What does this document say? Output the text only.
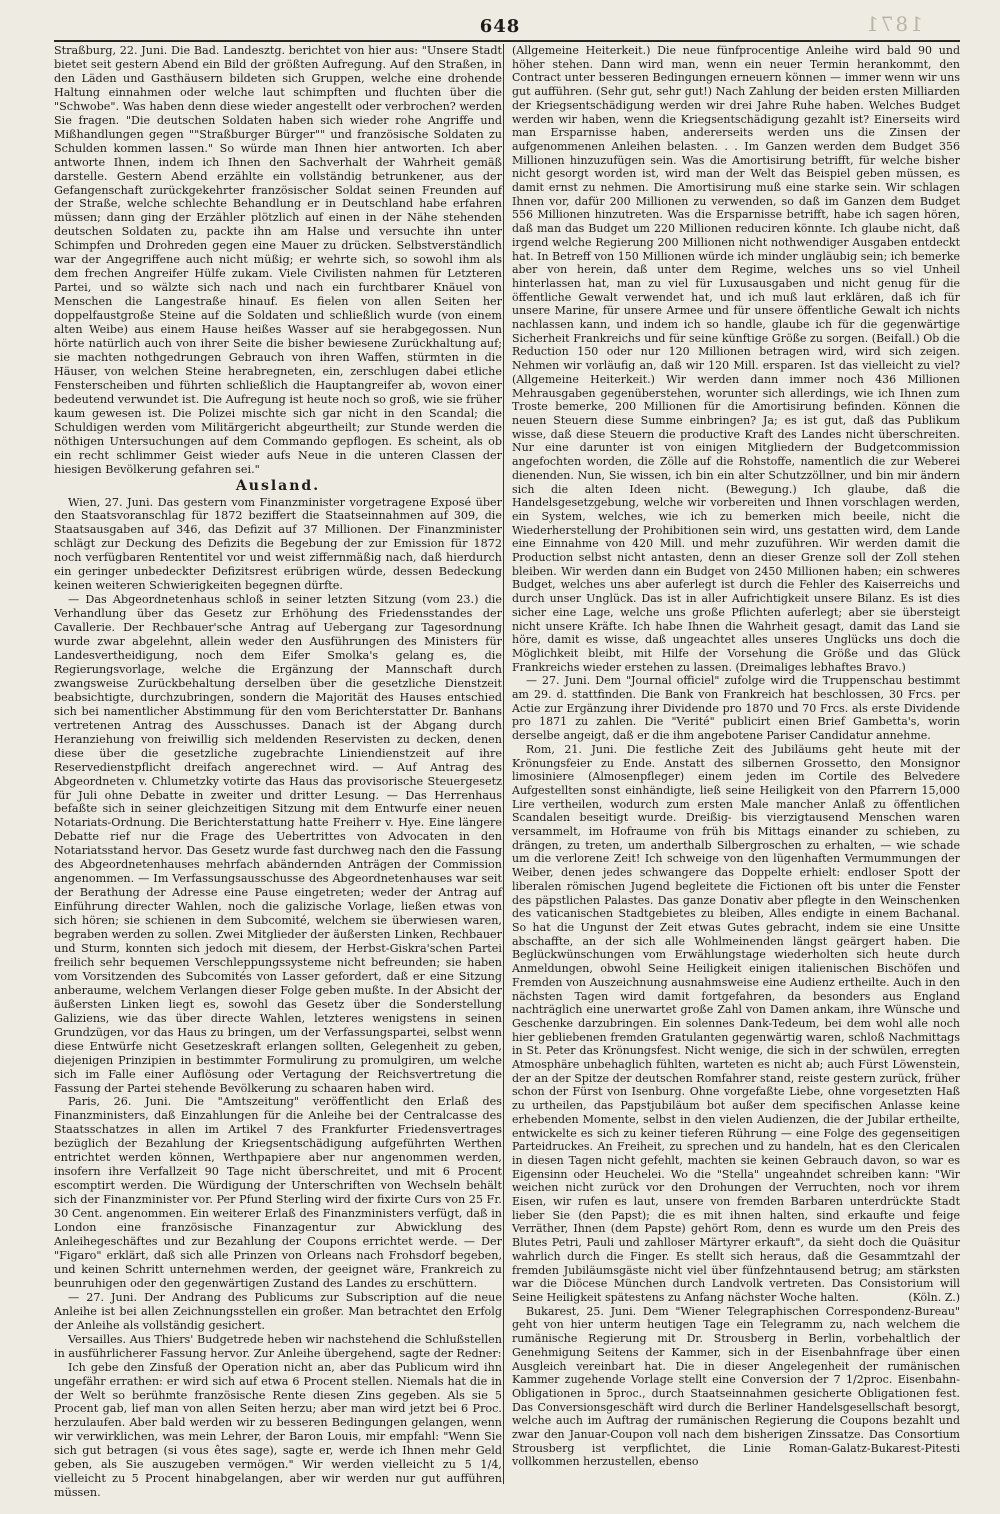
1871
648

Straßburg, 22. Juni. Die Bad. Landesztg. berichtet von hier aus: "Unsere Stadt bietet seit gestern Abend ein Bild der größten Aufregung. Auf den Straßen, in den Läden und Gasthäusern bildeten sich Gruppen, welche eine drohende Haltung einnahmen oder welche laut schimpften und fluchten über die "Schwobe". Was haben denn diese wieder angestellt oder verbrochen? werden Sie fragen. "Die deutschen Soldaten haben sich wieder rohe Angriffe und Mißhandlungen gegen ""Straßburger Bürger"" und französische Soldaten zu Schulden kommen lassen." So würde man Ihnen hier antworten. Ich aber antworte Ihnen, indem ich Ihnen den Sachverhalt der Wahrheit gemäß darstelle. Gestern Abend erzählte ein vollständig betrunkener, aus der Gefangenschaft zurückgekehrter französischer Soldat seinen Freunden auf der Straße, welche schlechte Behandlung er in Deutschland habe erfahren müssen; dann ging der Erzähler plötzlich auf einen in der Nähe stehenden deutschen Soldaten zu, packte ihn am Halse und versuchte ihn unter Schimpfen und Drohreden gegen eine Mauer zu drücken. Selbstverständlich war der Angegriffene auch nicht müßig; er wehrte sich, so sowohl ihm als dem frechen Angreifer Hülfe zukam. Viele Civilisten nahmen für Letzteren Partei, und so wälzte sich nach und nach ein furchtbarer Knäuel von Menschen die Langestraße hinauf. Es fielen von allen Seiten her doppelfaustgroße Steine auf die Soldaten und schließlich wurde (von einem alten Weibe) aus einem Hause heißes Wasser auf sie herabgegossen. Nun hörte natürlich auch von ihrer Seite die bisher bewiesene Zurückhaltung auf; sie machten nothgedrungen Gebrauch von ihren Waffen, stürmten in die Häuser, von welchen Steine herabregneten, ein, zerschlugen dabei etliche Fensterscheiben und führten schließlich die Hauptangreifer ab, wovon einer bedeutend verwundet ist. Die Aufregung ist heute noch so groß, wie sie früher kaum gewesen ist. Die Polizei mischte sich gar nicht in den Scandal; die Schuldigen werden vom Militärgericht abgeurtheilt; zur Stunde werden die nöthigen Untersuchungen auf dem Commando gepflogen. Es scheint, als ob ein recht schlimmer Geist wieder aufs Neue in die unteren Classen der hiesigen Bevölkerung gefahren sei."

Ausland.

Wien, 27. Juni. Das gestern vom Finanzminister vorgetragene Exposé über den Staatsvoranschlag für 1872 beziffert die Staatseinnahmen auf 309, die Staatsausgaben auf 346, das Defizit auf 37 Millionen. Der Finanzminister schlägt zur Deckung des Defizits die Begebung der zur Emission für 1872 noch verfügbaren Rententitel vor und weist ziffernmäßig nach, daß hierdurch ein geringer unbedeckter Defizitsrest erübrigen würde, dessen Bedeckung keinen weiteren Schwierigkeiten begegnen dürfte.

— Das Abgeordnetenhaus schloß in seiner letzten Sitzung (vom 23.) die Verhandlung über das Gesetz zur Erhöhung des Friedensstandes der Cavallerie. Der Rechbauer'sche Antrag auf Uebergang zur Tagesordnung wurde zwar abgelehnt, allein weder den Ausführungen des Ministers für Landesvertheidigung, noch dem Eifer Smolka's gelang es, die Regierungsvorlage, welche die Ergänzung der Mannschaft durch zwangsweise Zurückbehaltung derselben über die gesetzliche Dienstzeit beabsichtigte, durchzubringen, sondern die Majorität des Hauses entschied sich bei namentlicher Abstimmung für den vom Berichterstatter Dr. Banhans vertretenen Antrag des Ausschusses. Danach ist der Abgang durch Heranziehung von freiwillig sich meldenden Reservisten zu decken, denen diese über die gesetzliche zugebrachte Liniendienstzeit auf ihre Reservedienstpflicht dreifach angerechnet wird. — Auf Antrag des Abgeordneten v. Chlumetzky votirte das Haus das provisorische Steuergesetz für Juli ohne Debatte in zweiter und dritter Lesung. — Das Herrenhaus befaßte sich in seiner gleichzeitigen Sitzung mit dem Entwurfe einer neuen Notariats-Ordnung. Die Berichterstattung hatte Freiherr v. Hye. Eine längere Debatte rief nur die Frage des Uebertrittes von Advocaten in den Notariatsstand hervor. Das Gesetz wurde fast durchweg nach den die Fassung des Abgeordnetenhauses mehrfach abändernden Anträgen der Commission angenommen. — Im Verfassungsausschusse des Abgeordnetenhauses war seit der Berathung der Adresse eine Pause eingetreten; weder der Antrag auf Einführung directer Wahlen, noch die galizische Vorlage, ließen etwas von sich hören; sie schienen in dem Subcomité, welchem sie überwiesen waren, begraben werden zu sollen. Zwei Mitglieder der äußersten Linken, Rechbauer und Sturm, konnten sich jedoch mit diesem, der Herbst-Giskra'schen Partei freilich sehr bequemen Verschleppungssysteme nicht befreunden; sie haben vom Vorsitzenden des Subcomités von Lasser gefordert, daß er eine Sitzung anberaume, welchem Verlangen dieser Folge geben mußte. In der Absicht der äußersten Linken liegt es, sowohl das Gesetz über die Sonderstellung Galiziens, wie das über directe Wahlen, letzteres wenigstens in seinen Grundzügen, vor das Haus zu bringen, um der Verfassungspartei, selbst wenn diese Entwürfe nicht Gesetzeskraft erlangen sollten, Gelegenheit zu geben, diejenigen Prinzipien in bestimmter Formulirung zu promulgiren, um welche sich im Falle einer Auflösung oder Vertagung der Reichsvertretung die Fassung der Partei stehende Bevölkerung zu schaaren haben wird.

Paris, 26. Juni. Die "Amtszeitung" veröffentlicht den Erlaß des Finanzministers, daß Einzahlungen für die Anleihe bei der Centralcasse des Staatsschatzes in allen im Artikel 7 des Frankfurter Friedensvertrages bezüglich der Bezahlung der Kriegsentschädigung aufgeführten Werthen entrichtet werden können, Werthpapiere aber nur angenommen werden, insofern ihre Verfallzeit 90 Tage nicht überschreitet, und mit 6 Procent escomptirt werden. Die Würdigung der Unterschriften von Wechseln behält sich der Finanzminister vor. Per Pfund Sterling wird der fixirte Curs von 25 Fr. 30 Cent. angenommen. Ein weiterer Erlaß des Finanzministers verfügt, daß in London eine französische Finanzagentur zur Abwicklung des Anleihegeschäftes und zur Bezahlung der Coupons errichtet werde. — Der "Figaro" erklärt, daß sich alle Prinzen von Orleans nach Frohsdorf begeben, und keinen Schritt unternehmen werden, der geeignet wäre, Frankreich zu beunruhigen oder den gegenwärtigen Zustand des Landes zu erschüttern.

— 27. Juni. Der Andrang des Publicums zur Subscription auf die neue Anleihe ist bei allen Zeichnungsstellen ein großer. Man betrachtet den Erfolg der Anleihe als vollständig gesichert.

Versailles. Aus Thiers' Budgetrede heben wir nachstehend die Schlußstellen in ausführlicherer Fassung hervor. Zur Anleihe übergehend, sagte der Redner:

Ich gebe den Zinsfuß der Operation nicht an, aber das Publicum wird ihn ungefähr errathen: er wird sich auf etwa 6 Procent stellen. Niemals hat die in der Welt so berühmte französische Rente diesen Zins gegeben. Als sie 5 Procent gab, lief man von allen Seiten herzu; aber man wird jetzt bei 6 Proc. herzulaufen. Aber bald werden wir zu besseren Bedingungen gelangen, wenn wir verwirklichen, was mein Lehrer, der Baron Louis, mir empfahl: "Wenn Sie sich gut betragen (si vous êtes sage), sagte er, werde ich Ihnen mehr Geld geben, als Sie auszugeben vermögen." Wir werden vielleicht zu 5 1/4, vielleicht zu 5 Procent hinabgelangen, aber wir werden nur gut aufführen müssen.

(Allgemeine Heiterkeit.) Die neue fünfprocentige Anleihe wird bald 90 und höher stehen. Dann wird man, wenn ein neuer Termin herankommt, den Contract unter besseren Bedingungen erneuern können — immer wenn wir uns gut aufführen. (Sehr gut, sehr gut!) Nach Zahlung der beiden ersten Milliarden der Kriegsentschädigung werden wir drei Jahre Ruhe haben. Welches Budget werden wir haben, wenn die Kriegsentschädigung gezahlt ist? Einerseits wird man Ersparnisse haben, andererseits werden uns die Zinsen der aufgenommenen Anleihen belasten. . . Im Ganzen werden dem Budget 356 Millionen hinzuzufügen sein. Was die Amortisirung betrifft, für welche bisher nicht gesorgt worden ist, wird man der Welt das Beispiel geben müssen, es damit ernst zu nehmen. Die Amortisirung muß eine starke sein. Wir schlagen Ihnen vor, dafür 200 Millionen zu verwenden, so daß im Ganzen dem Budget 556 Millionen hinzutreten. Was die Ersparnisse betrifft, habe ich sagen hören, daß man das Budget um 220 Millionen reduciren könnte. Ich glaube nicht, daß irgend welche Regierung 200 Millionen nicht nothwendiger Ausgaben entdeckt hat. In Betreff von 150 Millionen würde ich minder ungläubig sein; ich bemerke aber von herein, daß unter dem Regime, welches uns so viel Unheil hinterlassen hat, man zu viel für Luxusausgaben und nicht genug für die öffentliche Gewalt verwendet hat, und ich muß laut erklären, daß ich für unsere Marine, für unsere Armee und für unsere öffentliche Gewalt ich nichts nachlassen kann, und indem ich so handle, glaube ich für die gegenwärtige Sicherheit Frankreichs und für seine künftige Größe zu sorgen. (Beifall.) Ob die Reduction 150 oder nur 120 Millionen betragen wird, wird sich zeigen. Nehmen wir vorläufig an, daß wir 120 Mill. ersparen. Ist das vielleicht zu viel? (Allgemeine Heiterkeit.) Wir werden dann immer noch 436 Millionen Mehrausgaben gegenüberstehen, worunter sich allerdings, wie ich Ihnen zum Troste bemerke, 200 Millionen für die Amortisirung befinden. Können die neuen Steuern diese Summe einbringen? Ja; es ist gut, daß das Publikum wisse, daß diese Steuern die productive Kraft des Landes nicht überschreiten. Nur eine darunter ist von einigen Mitgliedern der Budgetcommission angefochten worden, die Zölle auf die Rohstoffe, namentlich die zur Weberei dienenden. Nun, Sie wissen, ich bin ein alter Schutzzöllner, und bin mir ändern sich die alten Ideen nicht. (Bewegung.) Ich glaube, daß die Handelsgesetzgebung, welche wir vorbereiten und Ihnen vorschlagen werden, ein System, welches, wie ich zu bemerken mich beeile, nicht die Wiederherstellung der Prohibitionen sein wird, uns gestatten wird, dem Lande eine Einnahme von 420 Mill. und mehr zuzuführen. Wir werden damit die Production selbst nicht antasten, denn an dieser Grenze soll der Zoll stehen bleiben. Wir werden dann ein Budget von 2450 Millionen haben; ein schweres Budget, welches uns aber auferlegt ist durch die Fehler des Kaiserreichs und durch unser Unglück. Das ist in aller Aufrichtigkeit unsere Bilanz. Es ist dies sicher eine Lage, welche uns große Pflichten auferlegt; aber sie übersteigt nicht unsere Kräfte. Ich habe Ihnen die Wahrheit gesagt, damit das Land sie höre, damit es wisse, daß ungeachtet alles unseres Unglücks uns doch die Möglichkeit bleibt, mit Hilfe der Vorsehung die Größe und das Glück Frankreichs wieder erstehen zu lassen. (Dreimaliges lebhaftes Bravo.)

— 27. Juni. Dem "Journal officiel" zufolge wird die Truppenschau bestimmt am 29. d. stattfinden. Die Bank von Frankreich hat beschlossen, 30 Frcs. per Actie zur Ergänzung ihrer Dividende pro 1870 und 70 Frcs. als erste Dividende pro 1871 zu zahlen. Die "Verité" publicirt einen Brief Gambetta's, worin derselbe angeigt, daß er die ihm angebotene Pariser Candidatur annehme.

Rom, 21. Juni. Die festliche Zeit des Jubiläums geht heute mit der Krönungsfeier zu Ende. Anstatt des silbernen Grossetto, den Monsignor limosiniere (Almosenpfleger) einem jeden im Cortile des Belvedere Aufgestellten sonst einhändigte, ließ seine Heiligkeit von den Pfarrern 15,000 Lire vertheilen, wodurch zum ersten Male mancher Anlaß zu öffentlichen Scandalen beseitigt wurde. Dreißig- bis vierzigtausend Menschen waren versammelt, im Hofraume von früh bis Mittags einander zu schieben, zu drängen, zu treten, um anderthalb Silbergroschen zu erhalten, — wie schade um die verlorene Zeit! Ich schweige von den lügenhaften Vermummungen der Weiber, denen jedes schwangere das Doppelte erhielt: endloser Spott der liberalen römischen Jugend begleitete die Fictionen oft bis unter die Fenster des päpstlichen Palastes. Das ganze Donativ aber pflegte in den Weinschenken des vaticanischen Stadtgebietes zu bleiben, Alles endigte in einem Bachanal. So hat die Ungunst der Zeit etwas Gutes gebracht, indem sie eine Unsitte abschaffte, an der sich alle Wohlmeinenden längst geärgert haben. Die Beglückwünschungen vom Erwählungstage wiederholten sich heute durch Anmeldungen, obwohl Seine Heiligkeit einigen italienischen Bischöfen und Fremden von Auszeichnung ausnahmsweise eine Audienz ertheilte. Auch in den nächsten Tagen wird damit fortgefahren, da besonders aus England nachträglich eine unerwartet große Zahl von Damen ankam, ihre Wünsche und Geschenke darzubringen. Ein solennes Dank-Tedeum, bei dem wohl alle noch hier gebliebenen fremden Gratulanten gegenwärtig waren, schloß Nachmittags in St. Peter das Krönungsfest. Nicht wenige, die sich in der schwülen, erregten Atmosphäre unbehaglich fühlten, warteten es nicht ab; auch Fürst Löwenstein, der an der Spitze der deutschen Romfahrer stand, reiste gestern zurück, früher schon der Fürst von Isenburg. Ohne vorgefaßte Liebe, ohne vorgesetzten Haß zu urtheilen, das Papstjubiläum bot außer dem specifischen Anlasse keine erhebenden Momente, selbst in den vielen Audienzen, die der Jubilar ertheilte, entwickelte es sich zu keiner tieferen Rührung — eine Folge des gegenseitigen Parteidruckes. An Freiheit, zu sprechen und zu handeln, hat es den Clericalen in diesen Tagen nicht gefehlt, machten sie keinen Gebrauch davon, so war es Eigensinn oder Heuchelei. Wo die "Stella" ungeahndet schreiben kann: "Wir weichen nicht zurück vor den Drohungen der Verruchten, noch vor ihrem Eisen, wir rufen es laut, unsere von fremden Barbaren unterdrückte Stadt lieber Sie (den Papst); die es mit ihnen halten, sind erkaufte und feige Verräther, Ihnen (dem Papste) gehört Rom, denn es wurde um den Preis des Blutes Petri, Pauli und zahlloser Märtyrer erkauft", da sieht doch die Quäsitur wahrlich durch die Finger. Es stellt sich heraus, daß die Gesammtzahl der fremden Jubiläumsgäste nicht viel über fünfzehntausend betrug; am stärksten war die Diöcese München durch Landvolk vertreten. Das Consistorium will Seine Heiligkeit spätestens zu Anfang nächster Woche halten.	(Köln. Z.)

Bukarest, 25. Juni. Dem "Wiener Telegraphischen Correspondenz-Bureau" geht von hier unterm heutigen Tage ein Telegramm zu, nach welchem die rumänische Regierung mit Dr. Strousberg in Berlin, vorbehaltlich der Genehmigung Seitens der Kammer, sich in der Eisenbahnfrage über einen Ausgleich vereinbart hat. Die in dieser Angelegenheit der rumänischen Kammer zugehende Vorlage stellt eine Conversion der 7 1/2proc. Eisenbahn-Obligationen in 5proc., durch Staatseinnahmen gesicherte Obligationen fest. Das Conversionsgeschäft wird durch die Berliner Handelsgesellschaft besorgt, welche auch im Auftrag der rumänischen Regierung die Coupons bezahlt und zwar den Januar-Coupon voll nach dem bisherigen Zinssatze. Das Consortium Strousberg ist verpflichtet, die Linie Roman-Galatz-Bukarest-Pitesti vollkommen herzustellen, ebenso
